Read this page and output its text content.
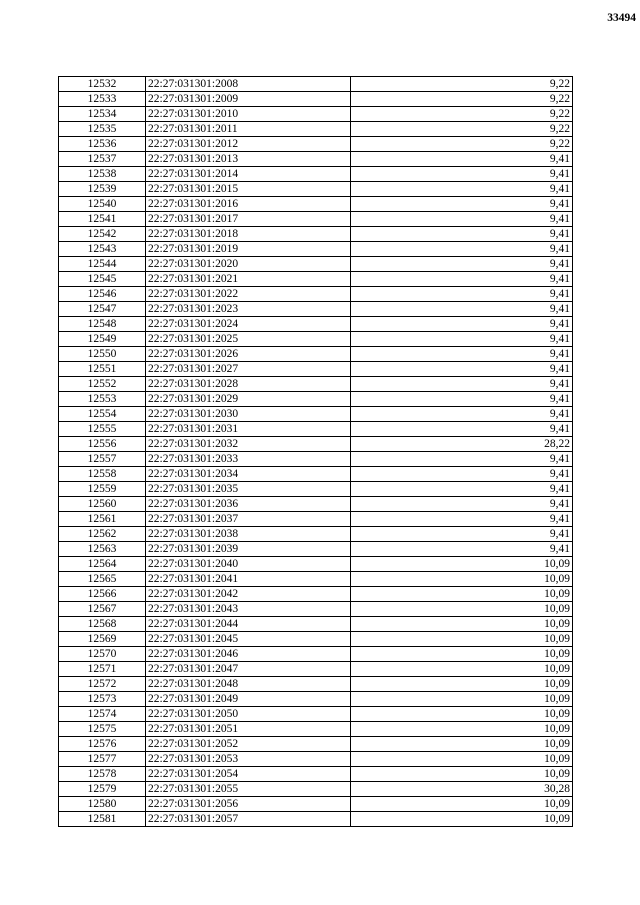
33494
12532	22:27:031301:2008	9,22
12533	22:27:031301:2009	9,22
12534	22:27:031301:2010	9,22
12535	22:27:031301:2011	9,22
12536	22:27:031301:2012	9,22
12537	22:27:031301:2013	9,41
12538	22:27:031301:2014	9,41
12539	22:27:031301:2015	9,41
12540	22:27:031301:2016	9,41
12541	22:27:031301:2017	9,41
12542	22:27:031301:2018	9,41
12543	22:27:031301:2019	9,41
12544	22:27:031301:2020	9,41
12545	22:27:031301:2021	9,41
12546	22:27:031301:2022	9,41
12547	22:27:031301:2023	9,41
12548	22:27:031301:2024	9,41
12549	22:27:031301:2025	9,41
12550	22:27:031301:2026	9,41
12551	22:27:031301:2027	9,41
12552	22:27:031301:2028	9,41
12553	22:27:031301:2029	9,41
12554	22:27:031301:2030	9,41
12555	22:27:031301:2031	9,41
12556	22:27:031301:2032	28,22
12557	22:27:031301:2033	9,41
12558	22:27:031301:2034	9,41
12559	22:27:031301:2035	9,41
12560	22:27:031301:2036	9,41
12561	22:27:031301:2037	9,41
12562	22:27:031301:2038	9,41
12563	22:27:031301:2039	9,41
12564	22:27:031301:2040	10,09
12565	22:27:031301:2041	10,09
12566	22:27:031301:2042	10,09
12567	22:27:031301:2043	10,09
12568	22:27:031301:2044	10,09
12569	22:27:031301:2045	10,09
12570	22:27:031301:2046	10,09
12571	22:27:031301:2047	10,09
12572	22:27:031301:2048	10,09
12573	22:27:031301:2049	10,09
12574	22:27:031301:2050	10,09
12575	22:27:031301:2051	10,09
12576	22:27:031301:2052	10,09
12577	22:27:031301:2053	10,09
12578	22:27:031301:2054	10,09
12579	22:27:031301:2055	30,28
12580	22:27:031301:2056	10,09
12581	22:27:031301:2057	10,09
